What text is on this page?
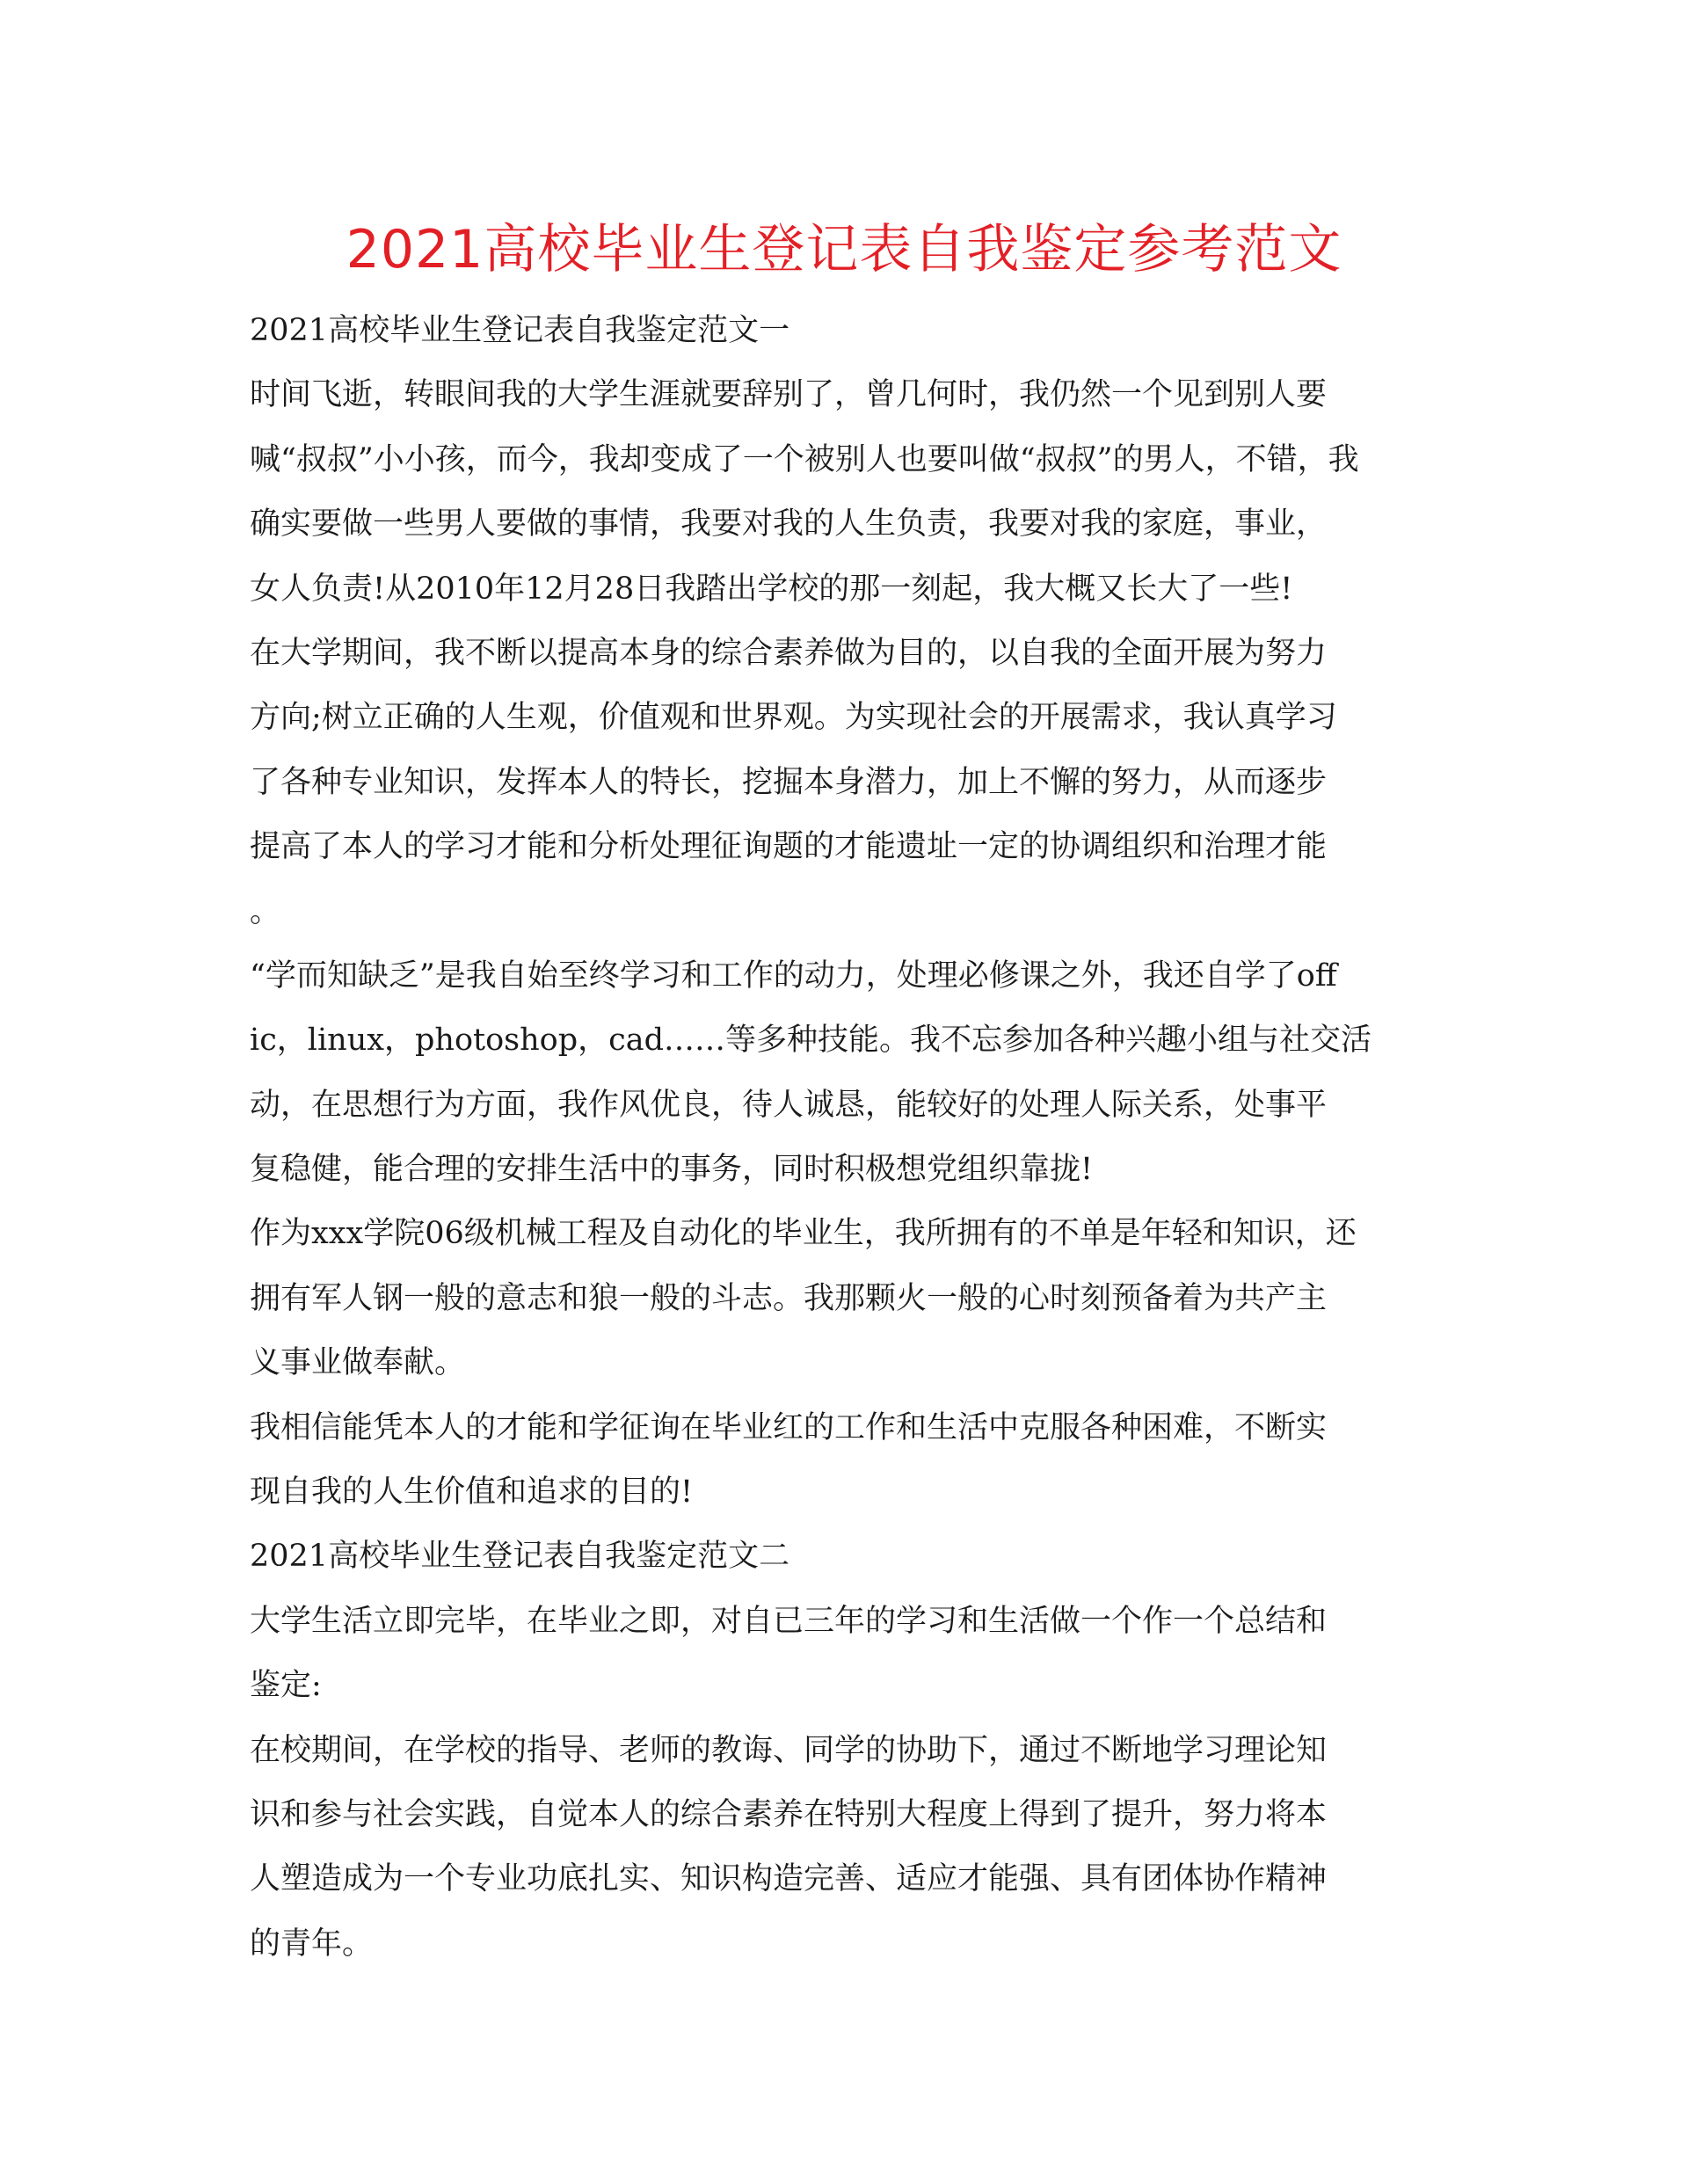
2021高校毕业生登记表自我鉴定参考范文
2021高校毕业生登记表自我鉴定范文一
时间飞逝，转眼间我的大学生涯就要辞别了，曾几何时，我仍然一个见到别人要
喊“叔叔”小小孩，而今，我却变成了一个被别人也要叫做“叔叔”的男人，不错，我
确实要做一些男人要做的事情，我要对我的人生负责，我要对我的家庭，事业，
女人负责!从2010年12月28日我踏出学校的那一刻起，我大概又长大了一些!
在大学期间，我不断以提高本身的综合素养做为目的，以自我的全面开展为努力
方向;树立正确的人生观，价值观和世界观。为实现社会的开展需求，我认真学习
了各种专业知识，发挥本人的特长，挖掘本身潜力，加上不懈的努力，从而逐步
提高了本人的学习才能和分析处理征询题的才能遗址一定的协调组织和治理才能
。
“学而知缺乏”是我自始至终学习和工作的动力，处理必修课之外，我还自学了off
ic，linux，photoshop，cad……等多种技能。我不忘参加各种兴趣小组与社交活
动，在思想行为方面，我作风优良，待人诚恳，能较好的处理人际关系，处事平
复稳健，能合理的安排生活中的事务，同时积极想党组织靠拢!
作为xxx学院06级机械工程及自动化的毕业生，我所拥有的不单是年轻和知识，还
拥有军人钢一般的意志和狼一般的斗志。我那颗火一般的心时刻预备着为共产主
义事业做奉献。
我相信能凭本人的才能和学征询在毕业红的工作和生活中克服各种困难，不断实
现自我的人生价值和追求的目的!
2021高校毕业生登记表自我鉴定范文二
大学生活立即完毕，在毕业之即，对自已三年的学习和生活做一个作一个总结和
鉴定:
在校期间，在学校的指导、老师的教诲、同学的协助下，通过不断地学习理论知
识和参与社会实践，自觉本人的综合素养在特别大程度上得到了提升，努力将本
人塑造成为一个专业功底扎实、知识构造完善、适应才能强、具有团体协作精神
的青年。
